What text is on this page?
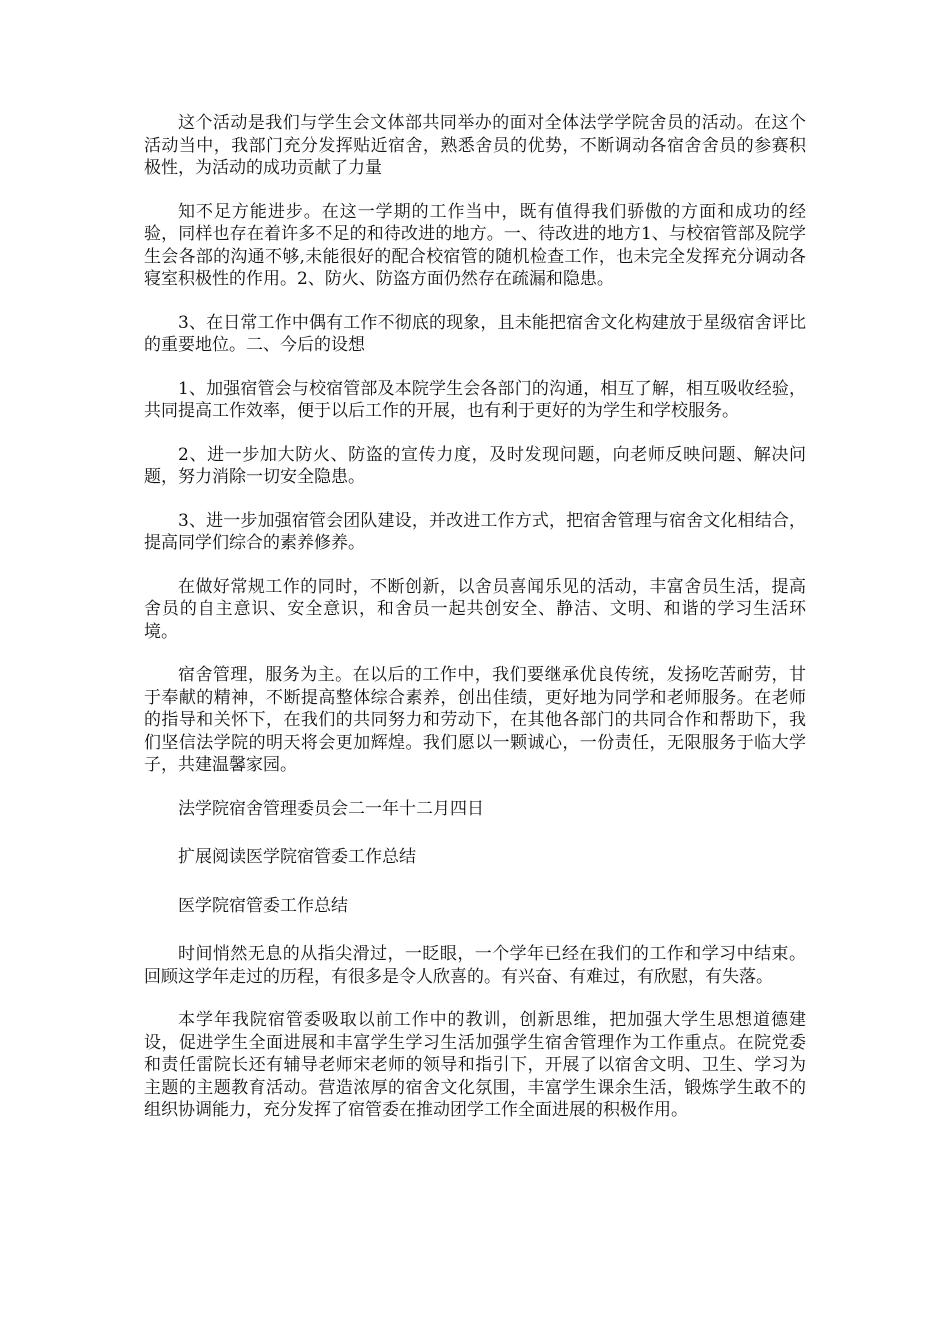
这个活动是我们与学生会文体部共同举办的面对全体法学学院舍员的活动。在这个活动当中，我部门充分发挥贴近宿舍，熟悉舍员的优势，不断调动各宿舍舍员的参赛积极性，为活动的成功贡献了力量

知不足方能进步。在这一学期的工作当中，既有值得我们骄傲的方面和成功的经验，同样也存在着许多不足的和待改进的地方。一、待改进的地方1、与校宿管部及院学生会各部的沟通不够,未能很好的配合校宿管的随机检查工作，也未完全发挥充分调动各寝室积极性的作用。2、防火、防盗方面仍然存在疏漏和隐患。

3、在日常工作中偶有工作不彻底的现象，且未能把宿舍文化构建放于星级宿舍评比的重要地位。二、今后的设想

1、加强宿管会与校宿管部及本院学生会各部门的沟通，相互了解，相互吸收经验，共同提高工作效率，便于以后工作的开展，也有利于更好的为学生和学校服务。

2、进一步加大防火、防盗的宣传力度，及时发现问题，向老师反映问题、解决问题，努力消除一切安全隐患。

3、进一步加强宿管会团队建设，并改进工作方式，把宿舍管理与宿舍文化相结合，提高同学们综合的素养修养。

在做好常规工作的同时，不断创新，以舍员喜闻乐见的活动，丰富舍员生活，提高舍员的自主意识、安全意识，和舍员一起共创安全、静洁、文明、和谐的学习生活环境。

宿舍管理，服务为主。在以后的工作中，我们要继承优良传统，发扬吃苦耐劳，甘于奉献的精神，不断提高整体综合素养，创出佳绩，更好地为同学和老师服务。在老师的指导和关怀下，在我们的共同努力和劳动下，在其他各部门的共同合作和帮助下，我们坚信法学院的明天将会更加辉煌。我们愿以一颗诚心，一份责任，无限服务于临大学子，共建温馨家园。

法学院宿舍管理委员会二一年十二月四日

扩展阅读医学院宿管委工作总结

医学院宿管委工作总结

时间悄然无息的从指尖滑过，一眨眼，一个学年已经在我们的工作和学习中结束。回顾这学年走过的历程，有很多是令人欣喜的。有兴奋、有难过，有欣慰，有失落。

本学年我院宿管委吸取以前工作中的教训，创新思维，把加强大学生思想道德建设，促进学生全面进展和丰富学生学习生活加强学生宿舍管理作为工作重点。在院党委和责任雷院长还有辅导老师宋老师的领导和指引下，开展了以宿舍文明、卫生、学习为主题的主题教育活动。营造浓厚的宿舍文化氛围，丰富学生课余生活，锻炼学生敢不的组织协调能力，充分发挥了宿管委在推动团学工作全面进展的积极作用。
